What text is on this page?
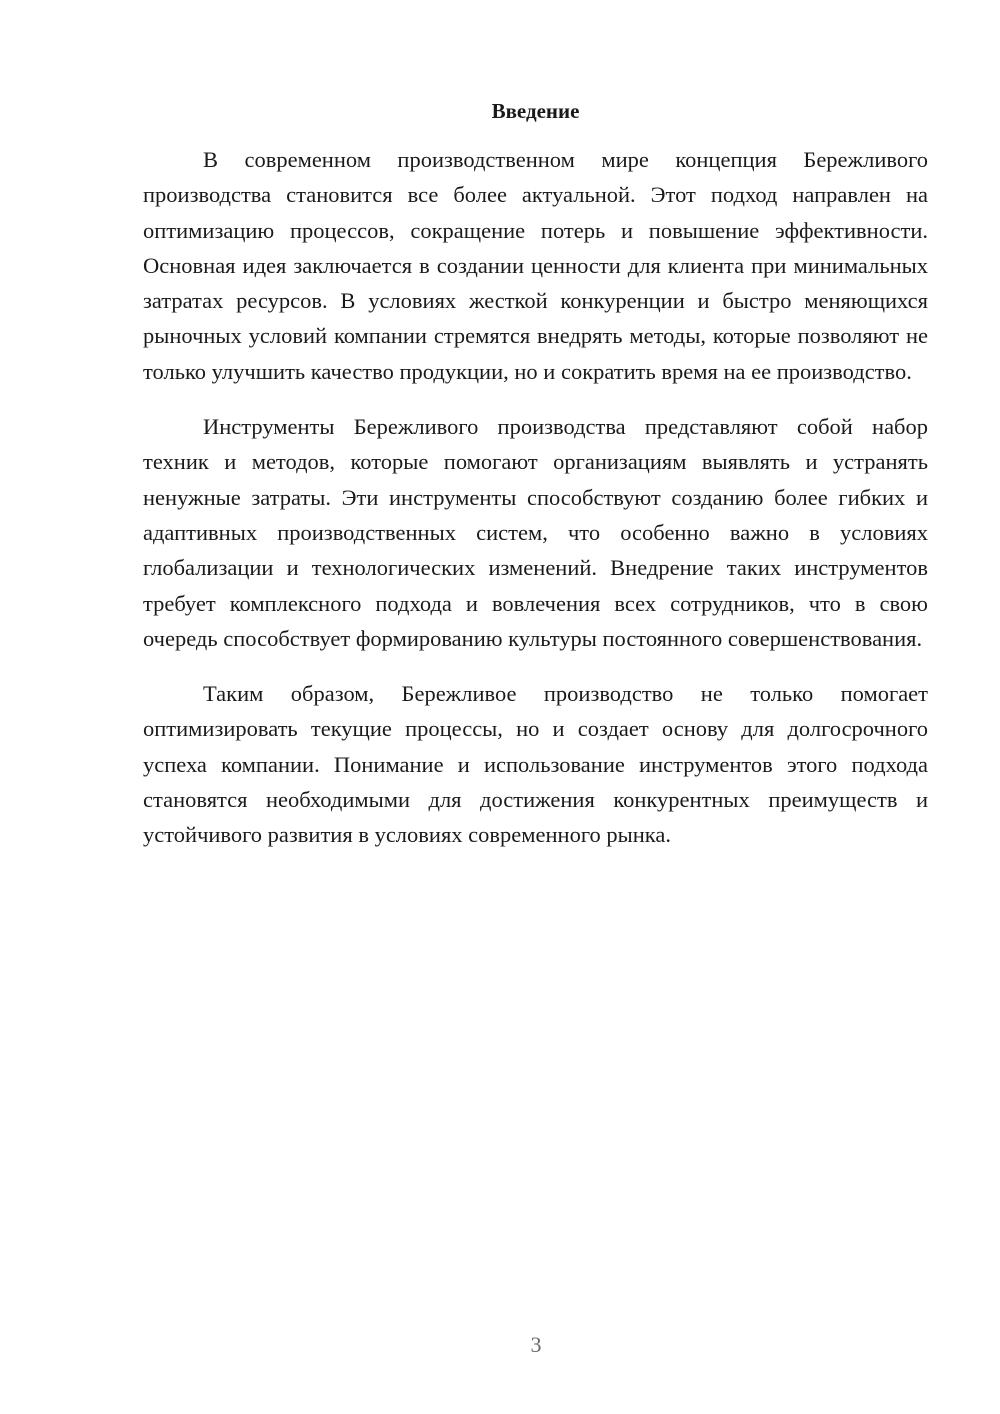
Введение

В современном производственном мире концепция Бережливого производства становится все более актуальной. Этот подход направлен на оптимизацию процессов, сокращение потерь и повышение эффективности. Основная идея заключается в создании ценности для клиента при минимальных затратах ресурсов. В условиях жесткой конкуренции и быстро меняющихся рыночных условий компании стремятся внедрять методы, которые позволяют не только улучшить качество продукции, но и сократить время на ее производство.

Инструменты Бережливого производства представляют собой набор техник и методов, которые помогают организациям выявлять и устранять ненужные затраты. Эти инструменты способствуют созданию более гибких и адаптивных производственных систем, что особенно важно в условиях глобализации и технологических изменений. Внедрение таких инструментов требует комплексного подхода и вовлечения всех сотрудников, что в свою очередь способствует формированию культуры постоянного совершенствования.

Таким образом, Бережливое производство не только помогает оптимизировать текущие процессы, но и создает основу для долгосрочного успеха компании. Понимание и использование инструментов этого подхода становятся необходимыми для достижения конкурентных преимуществ и устойчивого развития в условиях современного рынка.

3
